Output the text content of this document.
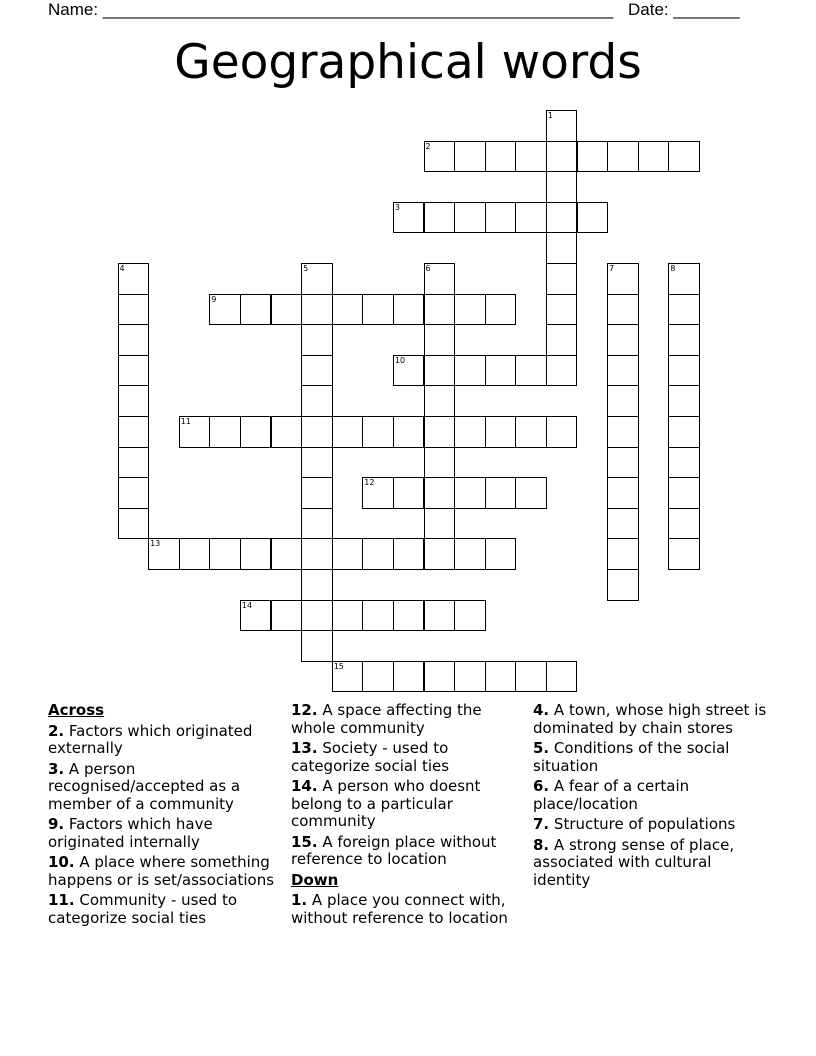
Name: ______________________________________________________ Date: _______
Geographical words
1
2
3
4	5	6	7	8
9
10
11
12
13
14
15
Across
2. Factors which originated externally
3. A person recognised/accepted as a member of a community
9. Factors which have originated internally
10. A place where something happens or is set/associations
11. Community - used to categorize social ties
12. A space affecting the whole community
13. Society - used to categorize social ties
14. A person who doesnt belong to a particular community
15. A foreign place without reference to location
Down
1. A place you connect with, without reference to location
4. A town, whose high street is dominated by chain stores
5. Conditions of the social situation
6. A fear of a certain place/location
7. Structure of populations
8. A strong sense of place, associated with cultural identity
